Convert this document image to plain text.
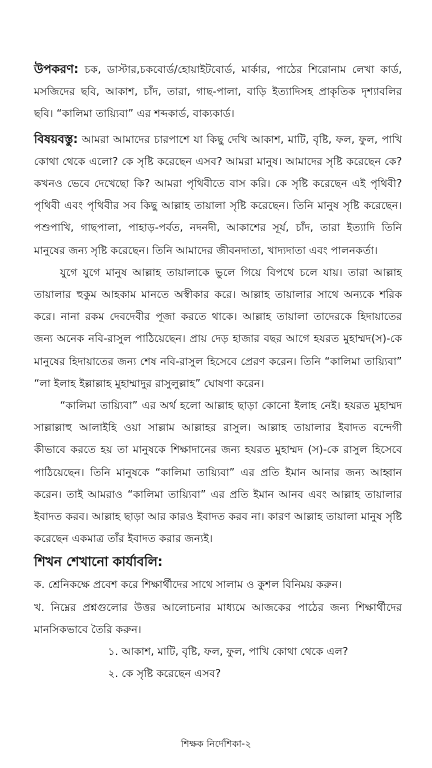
উপকরণ: চক, ডাস্টার,চকবোর্ড/হোয়াইটবোর্ড, মার্কার, পাঠের শিরোনাম লেখা কার্ড, মসজিদের ছবি, আকাশ, চাঁদ, তারা, গাছ-পালা, বাড়ি ইত্যাদিসহ প্রাকৃতিক দৃশ্যাবলির ছবি। “কালিমা তায়্যিবা” এর শব্দকার্ড, বাক্যকার্ড।

বিষয়বস্তু: আমরা আমাদের চারপাশে যা কিছু দেখি আকাশ, মাটি, বৃষ্টি, ফল, ফুল, পাখি কোথা থেকে এলো? কে সৃষ্টি করেছেন এসব? আমরা মানুষ। আমাদের সৃষ্টি করেছেন কে? কখনও ভেবে দেখেছো কি? আমরা পৃথিবীতে বাস করি। কে সৃষ্টি করেছেন এই পৃথিবী? পৃথিবী এবং পৃথিবীর সব কিছু আল্লাহ তায়ালা সৃষ্টি করেছেন। তিনি মানুষ সৃষ্টি করেছেন। পশুপাখি, গাছপালা, পাহাড়-পর্বত, নদনদী, আকাশের সূর্য, চাঁদ, তারা ইত্যাদি তিনি মানুষের জন্য সৃষ্টি করেছেন। তিনি আমাদের জীবনদাতা, খাদ্যদাতা এবং পালনকর্তা।

যুগে যুগে মানুষ আল্লাহ তায়ালাকে ভুলে গিয়ে বিপথে চলে যায়। তারা আল্লাহ তায়ালার হুকুম আহকাম মানতে অস্বীকার করে। আল্লাহ তায়ালার সাথে অন্যকে শরিক করে। নানা রকম দেবদেবীর পূজা করতে থাকে। আল্লাহ তায়ালা তাদেরকে হিদায়াতের জন্য অনেক নবি-রাসুল পাঠিয়েছেন। প্রায় দেড় হাজার বছর আগে হযরত মুহাম্মদ(স)-কে মানুষের হিদায়াতের জন্য শেষ নবি-রাসুল হিসেবে প্রেরণ করেন। তিনি “কালিমা তায়্যিবা” “লা ইলাহ ইল্লাল্লাহ মুহাম্মাদুর রাসুলুল্লাহ” ঘোষণা করেন।

“কালিমা তায়্যিবা” এর অর্থ হলো আল্লাহ ছাড়া কোনো ইলাহ নেই। হযরত মুহাম্মদ সাল্লাল্লাহু আলাইহি ওয়া সাল্লাম আল্লাহর রাসুল। আল্লাহ তায়ালার ইবাদত বন্দেগী কীভাবে করতে হয় তা মানুষকে শিক্ষাদানের জন্য হযরত মুহাম্মদ (স)-কে রাসুল হিসেবে পাঠিয়েছেন। তিনি মানুষকে “কালিমা তায়্যিবা” এর প্রতি ইমান আনার জন্য আহ্বান করেন। তাই আমরাও “কালিমা তায়্যিবা” এর প্রতি ইমান আনব এবং আল্লাহ তায়ালার ইবাদত করব। আল্লাহ ছাড়া আর কারও ইবাদত করব না। কারণ আল্লাহ তায়ালা মানুষ সৃষ্টি করেছেন একমাত্র তাঁর ইবাদত করার জন্যই।

শিখন শেখানো কার্যাবলি:

ক. শ্রেনিকক্ষে প্রবেশ করে শিক্ষার্থীদের সাথে সালাম ও কুশল বিনিময় করুন।

খ. নিম্নের প্রশ্নগুলোর উত্তর আলোচনার মাধ্যমে আজকের পাঠের জন্য শিক্ষার্থীদের মানসিকভাবে তৈরি করুন।

১. আকাশ, মাটি, বৃষ্টি, ফল, ফুল, পাখি কোথা থেকে এল?
২. কে সৃষ্টি করেছেন এসব?
শিক্ষক নির্দেশিকা-২
